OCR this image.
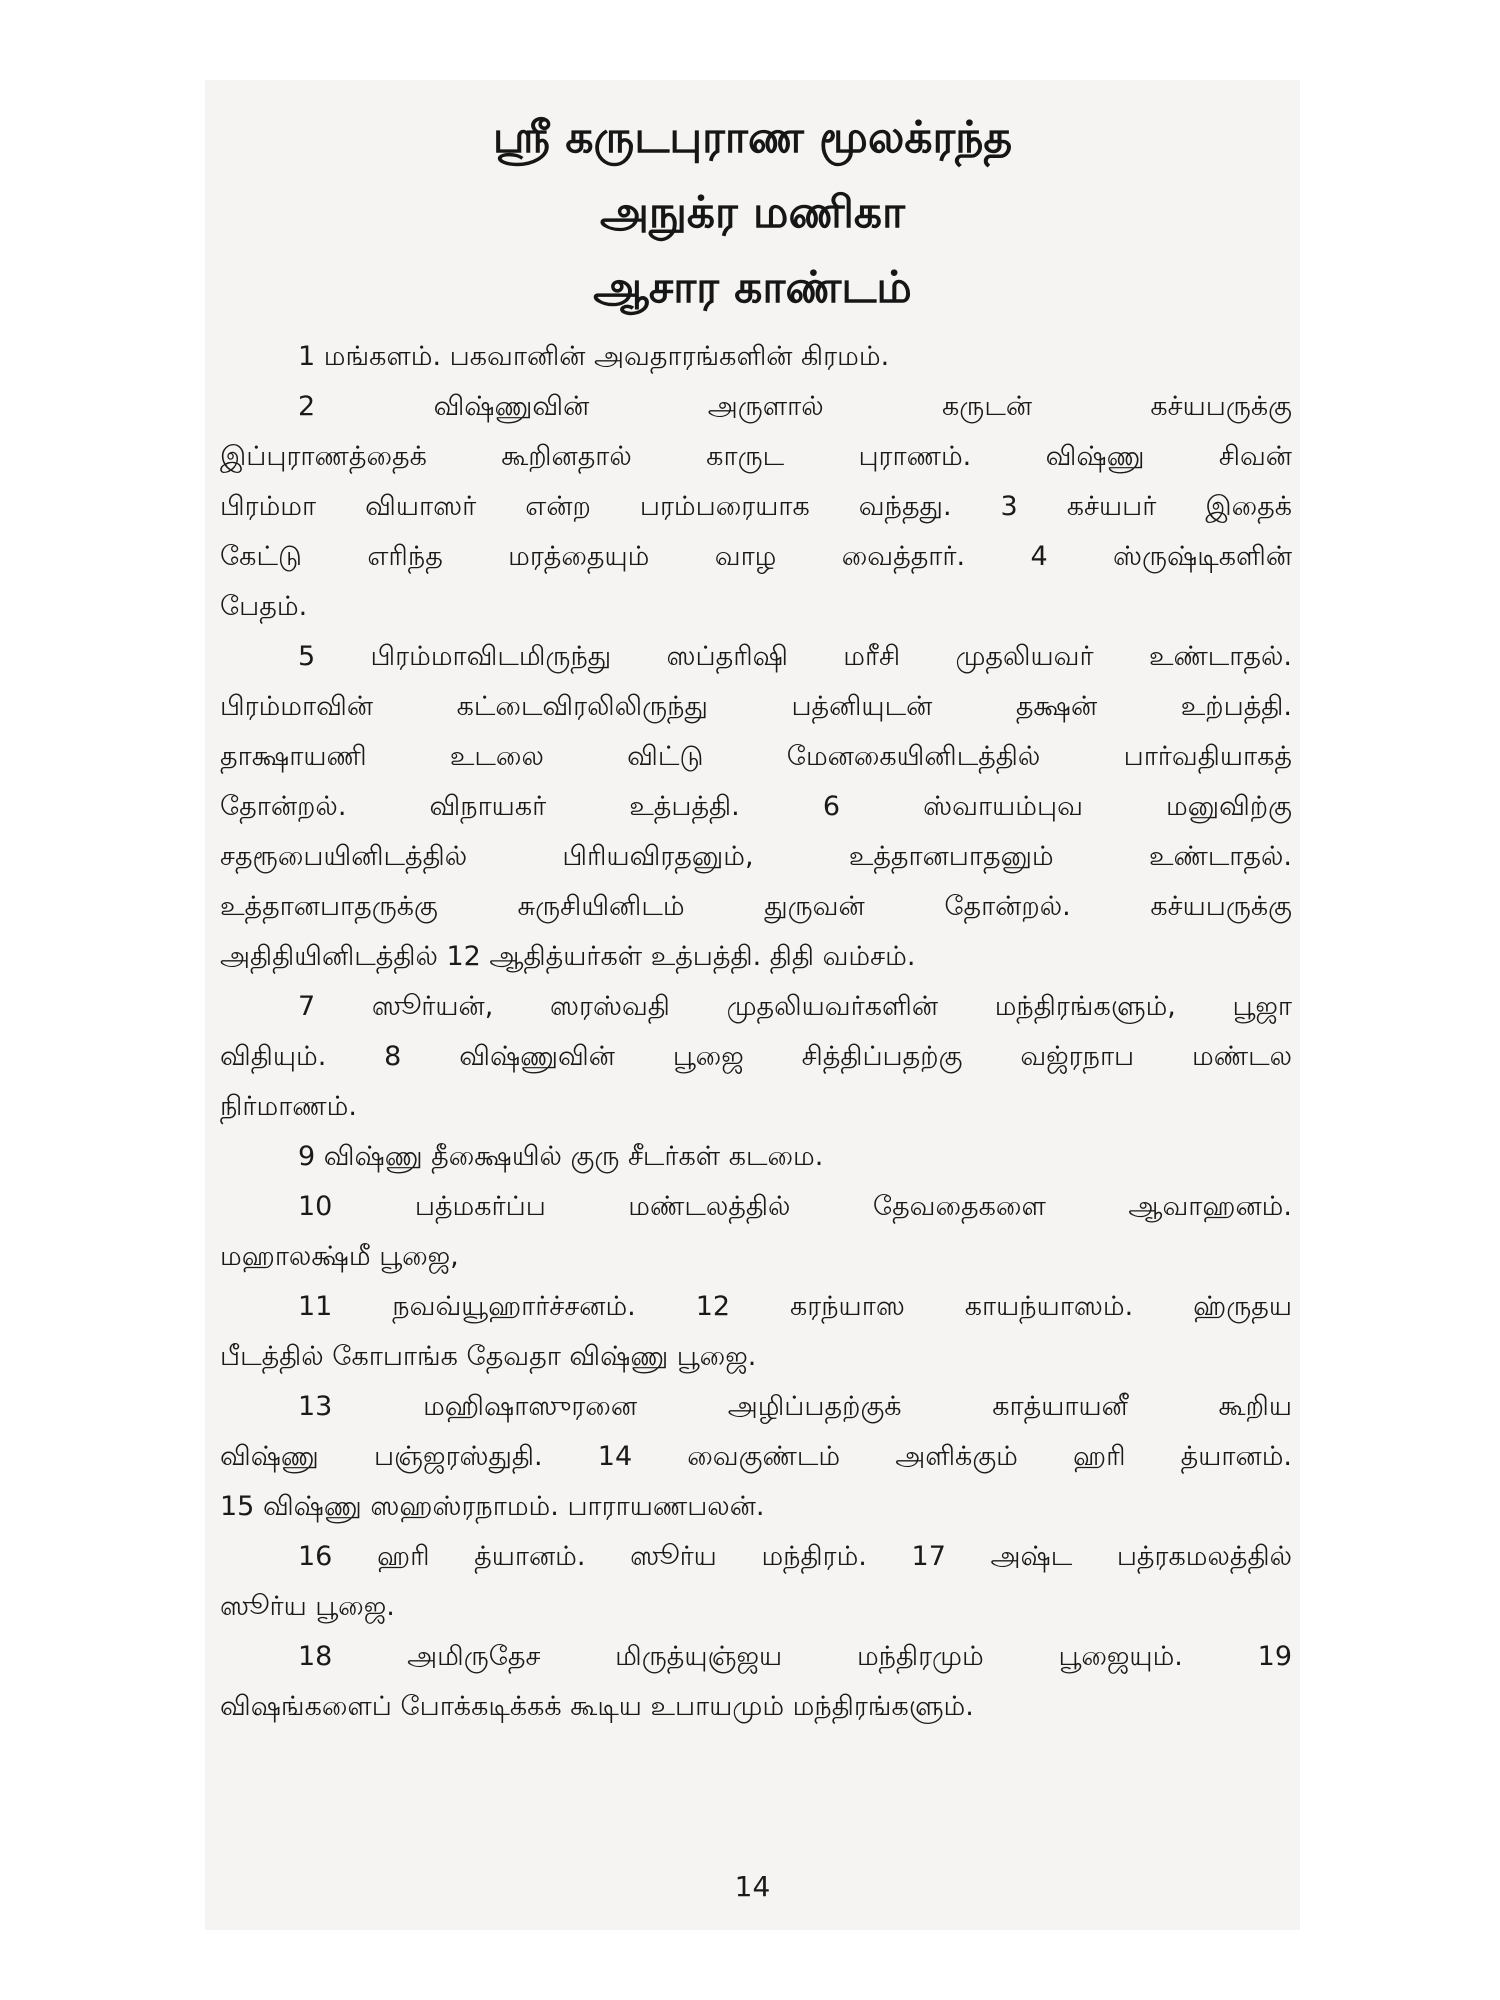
ஸ்ரீ கருடபுராண மூலக்ரந்த
அநுக்ர மணிகா
ஆசார காண்டம்
1 மங்களம். பகவானின் அவதாரங்களின் கிரமம்.
2 விஷ்ணுவின் அருளால் கருடன் கச்யபருக்கு
இப்புராணத்தைக் கூறினதால் காருட புராணம். விஷ்ணு சிவன்
பிரம்மா வியாஸர் என்ற பரம்பரையாக வந்தது. 3 கச்யபர் இதைக்
கேட்டு எரிந்த மரத்தையும் வாழ வைத்தார். 4 ஸ்ருஷ்டிகளின்
பேதம்.
5 பிரம்மாவிடமிருந்து ஸப்தரிஷி மரீசி முதலியவர் உண்டாதல்.
பிரம்மாவின் கட்டைவிரலிலிருந்து பத்னியுடன் தக்ஷன் உற்பத்தி.
தாக்ஷாயணி உடலை விட்டு மேனகையினிடத்தில் பார்வதியாகத்
தோன்றல். விநாயகர் உத்பத்தி. 6 ஸ்வாயம்புவ மனுவிற்கு
சதரூபையினிடத்தில் பிரியவிரதனும், உத்தானபாதனும் உண்டாதல்.
உத்தானபாதருக்கு சுருசியினிடம் துருவன் தோன்றல். கச்யபருக்கு
அதிதியினிடத்தில் 12 ஆதித்யர்கள் உத்பத்தி. திதி வம்சம்.
7 ஸூர்யன், ஸரஸ்வதி முதலியவர்களின் மந்திரங்களும், பூஜா
விதியும். 8 விஷ்ணுவின் பூஜை சித்திப்பதற்கு வஜ்ரநாப மண்டல
நிர்மாணம்.
9 விஷ்ணு தீக்ஷையில் குரு சீடர்கள் கடமை.
10 பத்மகர்ப்ப மண்டலத்தில் தேவதைகளை ஆவாஹனம்.
மஹாலக்ஷ்மீ பூஜை,
11 நவவ்யூஹார்ச்சனம். 12 கரந்யாஸ காயந்யாஸம். ஹ்ருதய
பீடத்தில் கோபாங்க தேவதா விஷ்ணு பூஜை.
13 மஹிஷாஸுரனை அழிப்பதற்குக் காத்யாயனீ கூறிய
விஷ்ணு பஞ்ஜரஸ்துதி. 14 வைகுண்டம் அளிக்கும் ஹரி த்யானம்.
15 விஷ்ணு ஸஹஸ்ரநாமம். பாராயணபலன்.
16 ஹரி த்யானம். ஸூர்ய மந்திரம். 17 அஷ்ட பத்ரகமலத்தில்
ஸூர்ய பூஜை.
18 அமிருதேச மிருத்யுஞ்ஜய மந்திரமும் பூஜையும். 19
விஷங்களைப் போக்கடிக்கக் கூடிய உபாயமும் மந்திரங்களும்.
14
